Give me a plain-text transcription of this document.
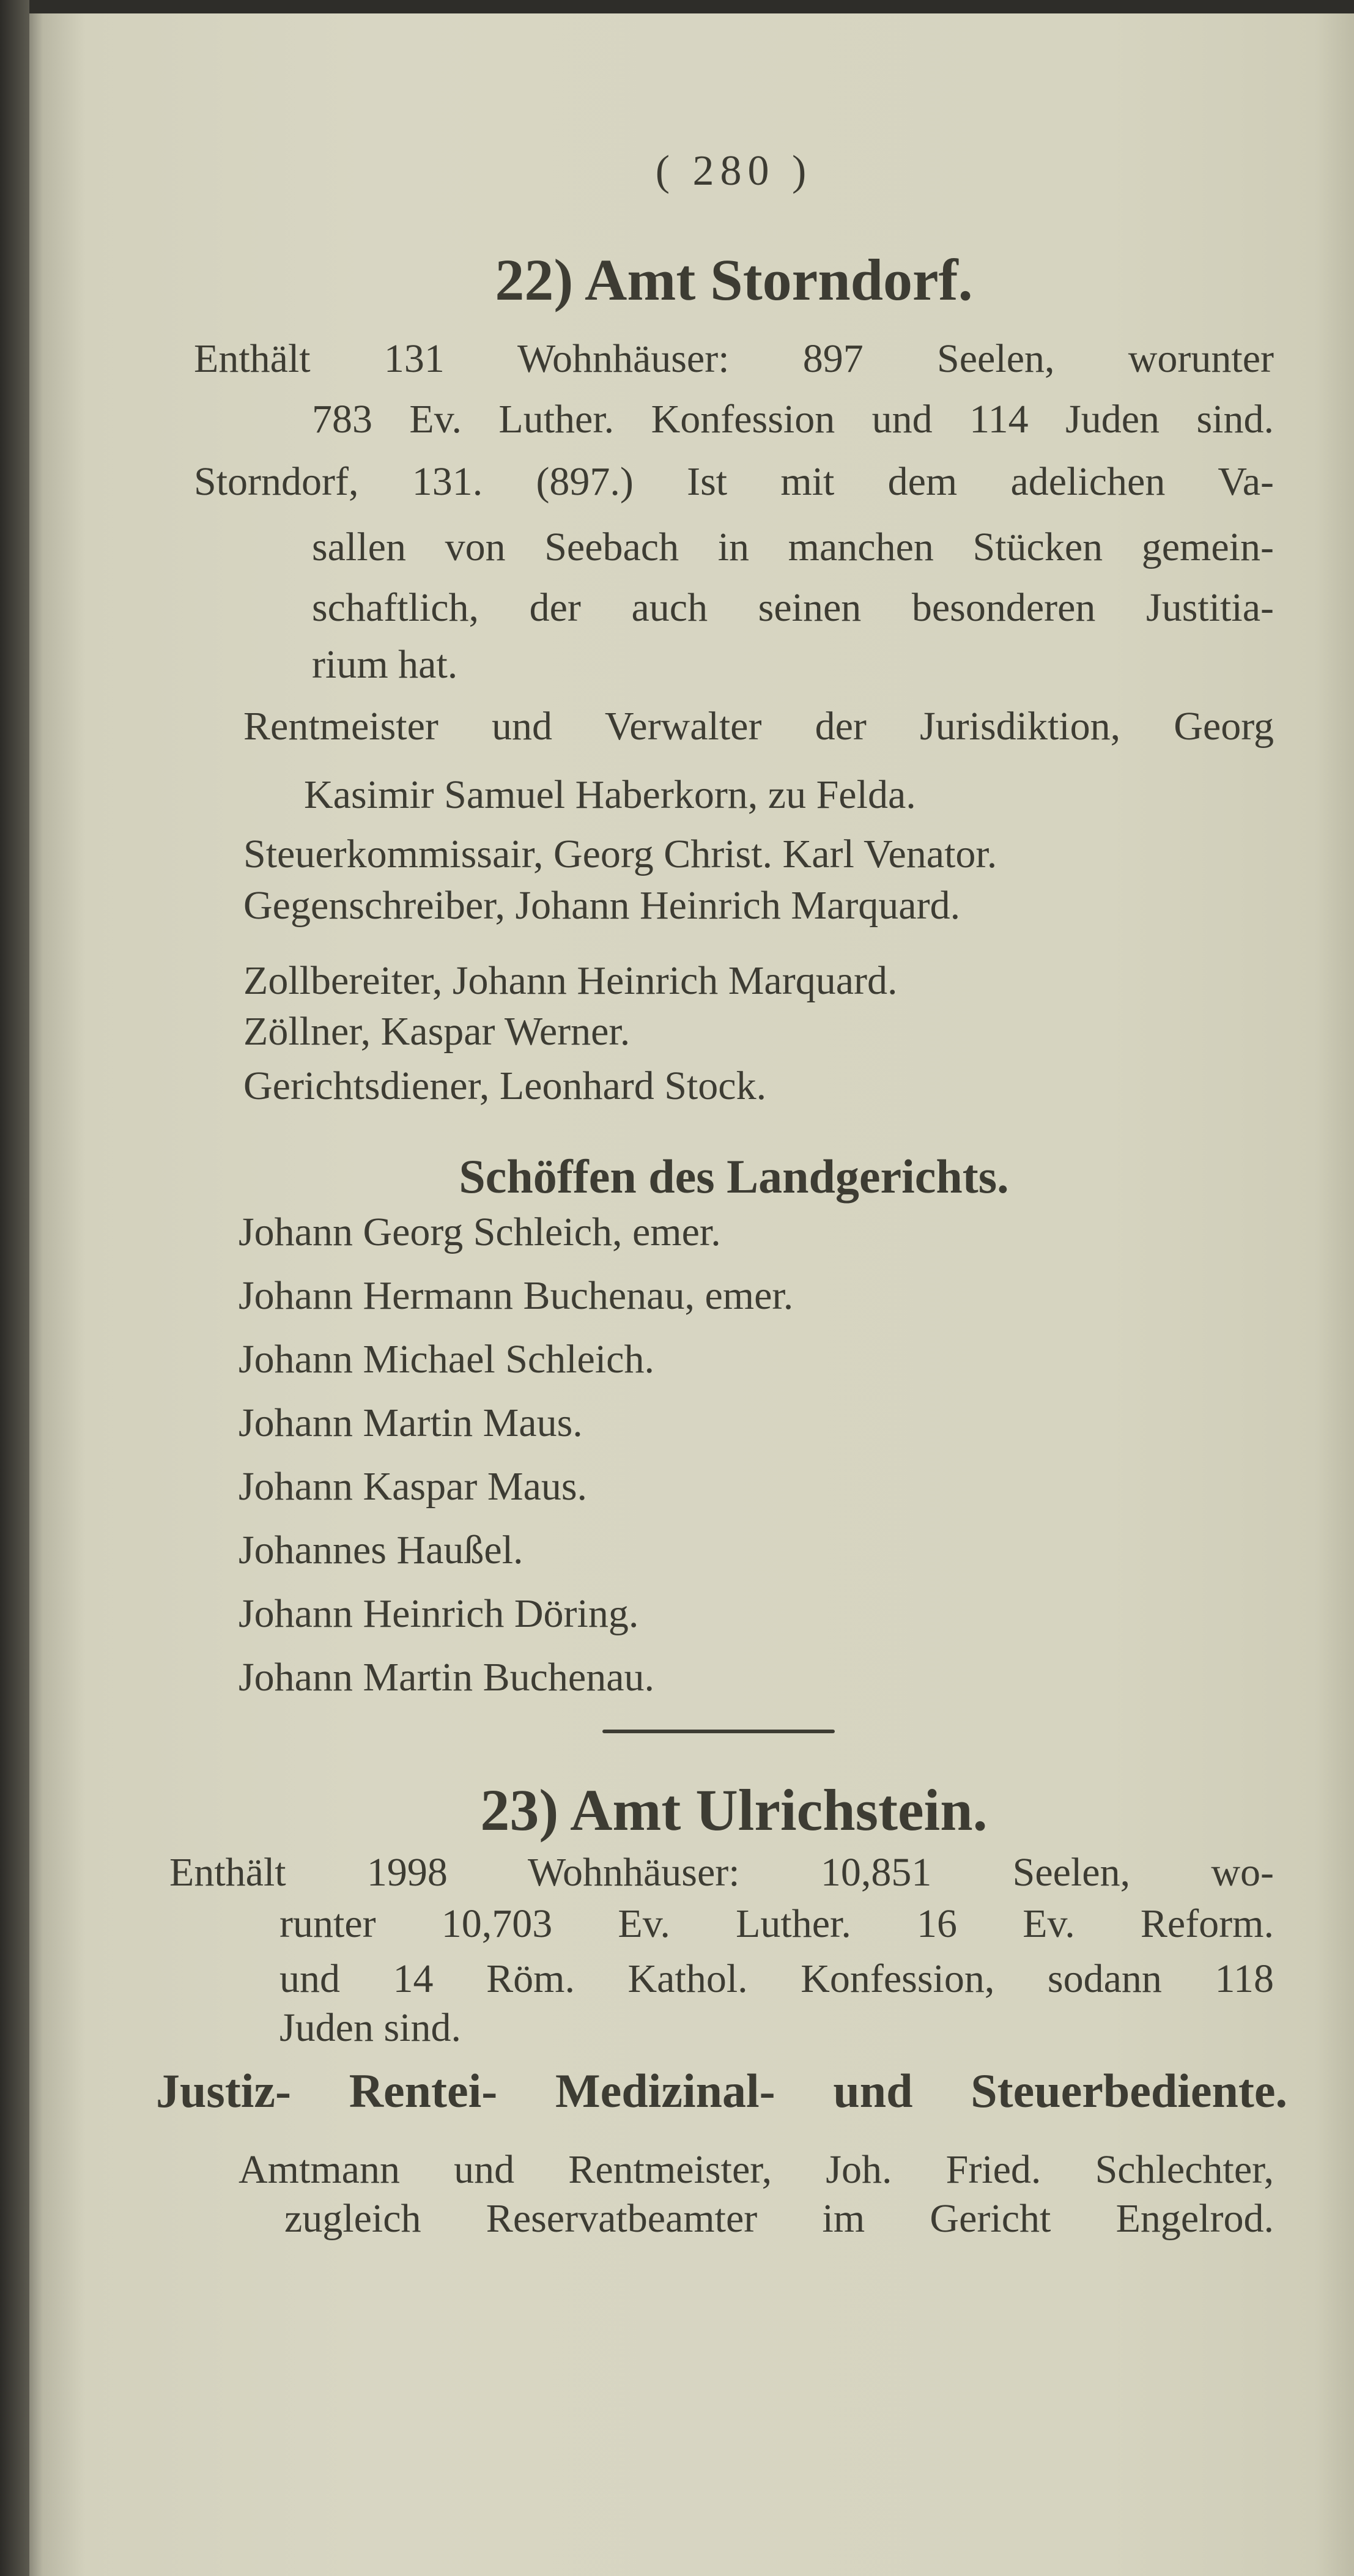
( 280 )
22) Amt Storndorf.
Enthält 131 Wohnhäuser: 897 Seelen, worunter
783 Ev. Luther. Konfession und 114 Juden sind.
Storndorf, 131. (897.) Ist mit dem adelichen Va-
sallen von Seebach in manchen Stücken gemein-
schaftlich, der auch seinen besonderen Justitia-
rium hat.
Rentmeister und Verwalter der Jurisdiktion, Georg
Kasimir Samuel Haberkorn, zu Felda.
Steuerkommissair, Georg Christ. Karl Venator.
Gegenschreiber, Johann Heinrich Marquard.
Zollbereiter, Johann Heinrich Marquard.
Zöllner, Kaspar Werner.
Gerichtsdiener, Leonhard Stock.
Schöffen des Landgerichts.
Johann Georg Schleich, emer.
Johann Hermann Buchenau, emer.
Johann Michael Schleich.
Johann Martin Maus.
Johann Kaspar Maus.
Johannes Haußel.
Johann Heinrich Döring.
Johann Martin Buchenau.
23) Amt Ulrichstein.
Enthält 1998 Wohnhäuser: 10,851 Seelen, wo-
runter 10,703 Ev. Luther. 16 Ev. Reform.
und 14 Röm. Kathol. Konfession, sodann 118
Juden sind.
Justiz- Rentei- Medizinal- und Steuerbediente.
Amtmann und Rentmeister, Joh. Fried. Schlechter,
zugleich Reservatbeamter im Gericht Engelrod.
